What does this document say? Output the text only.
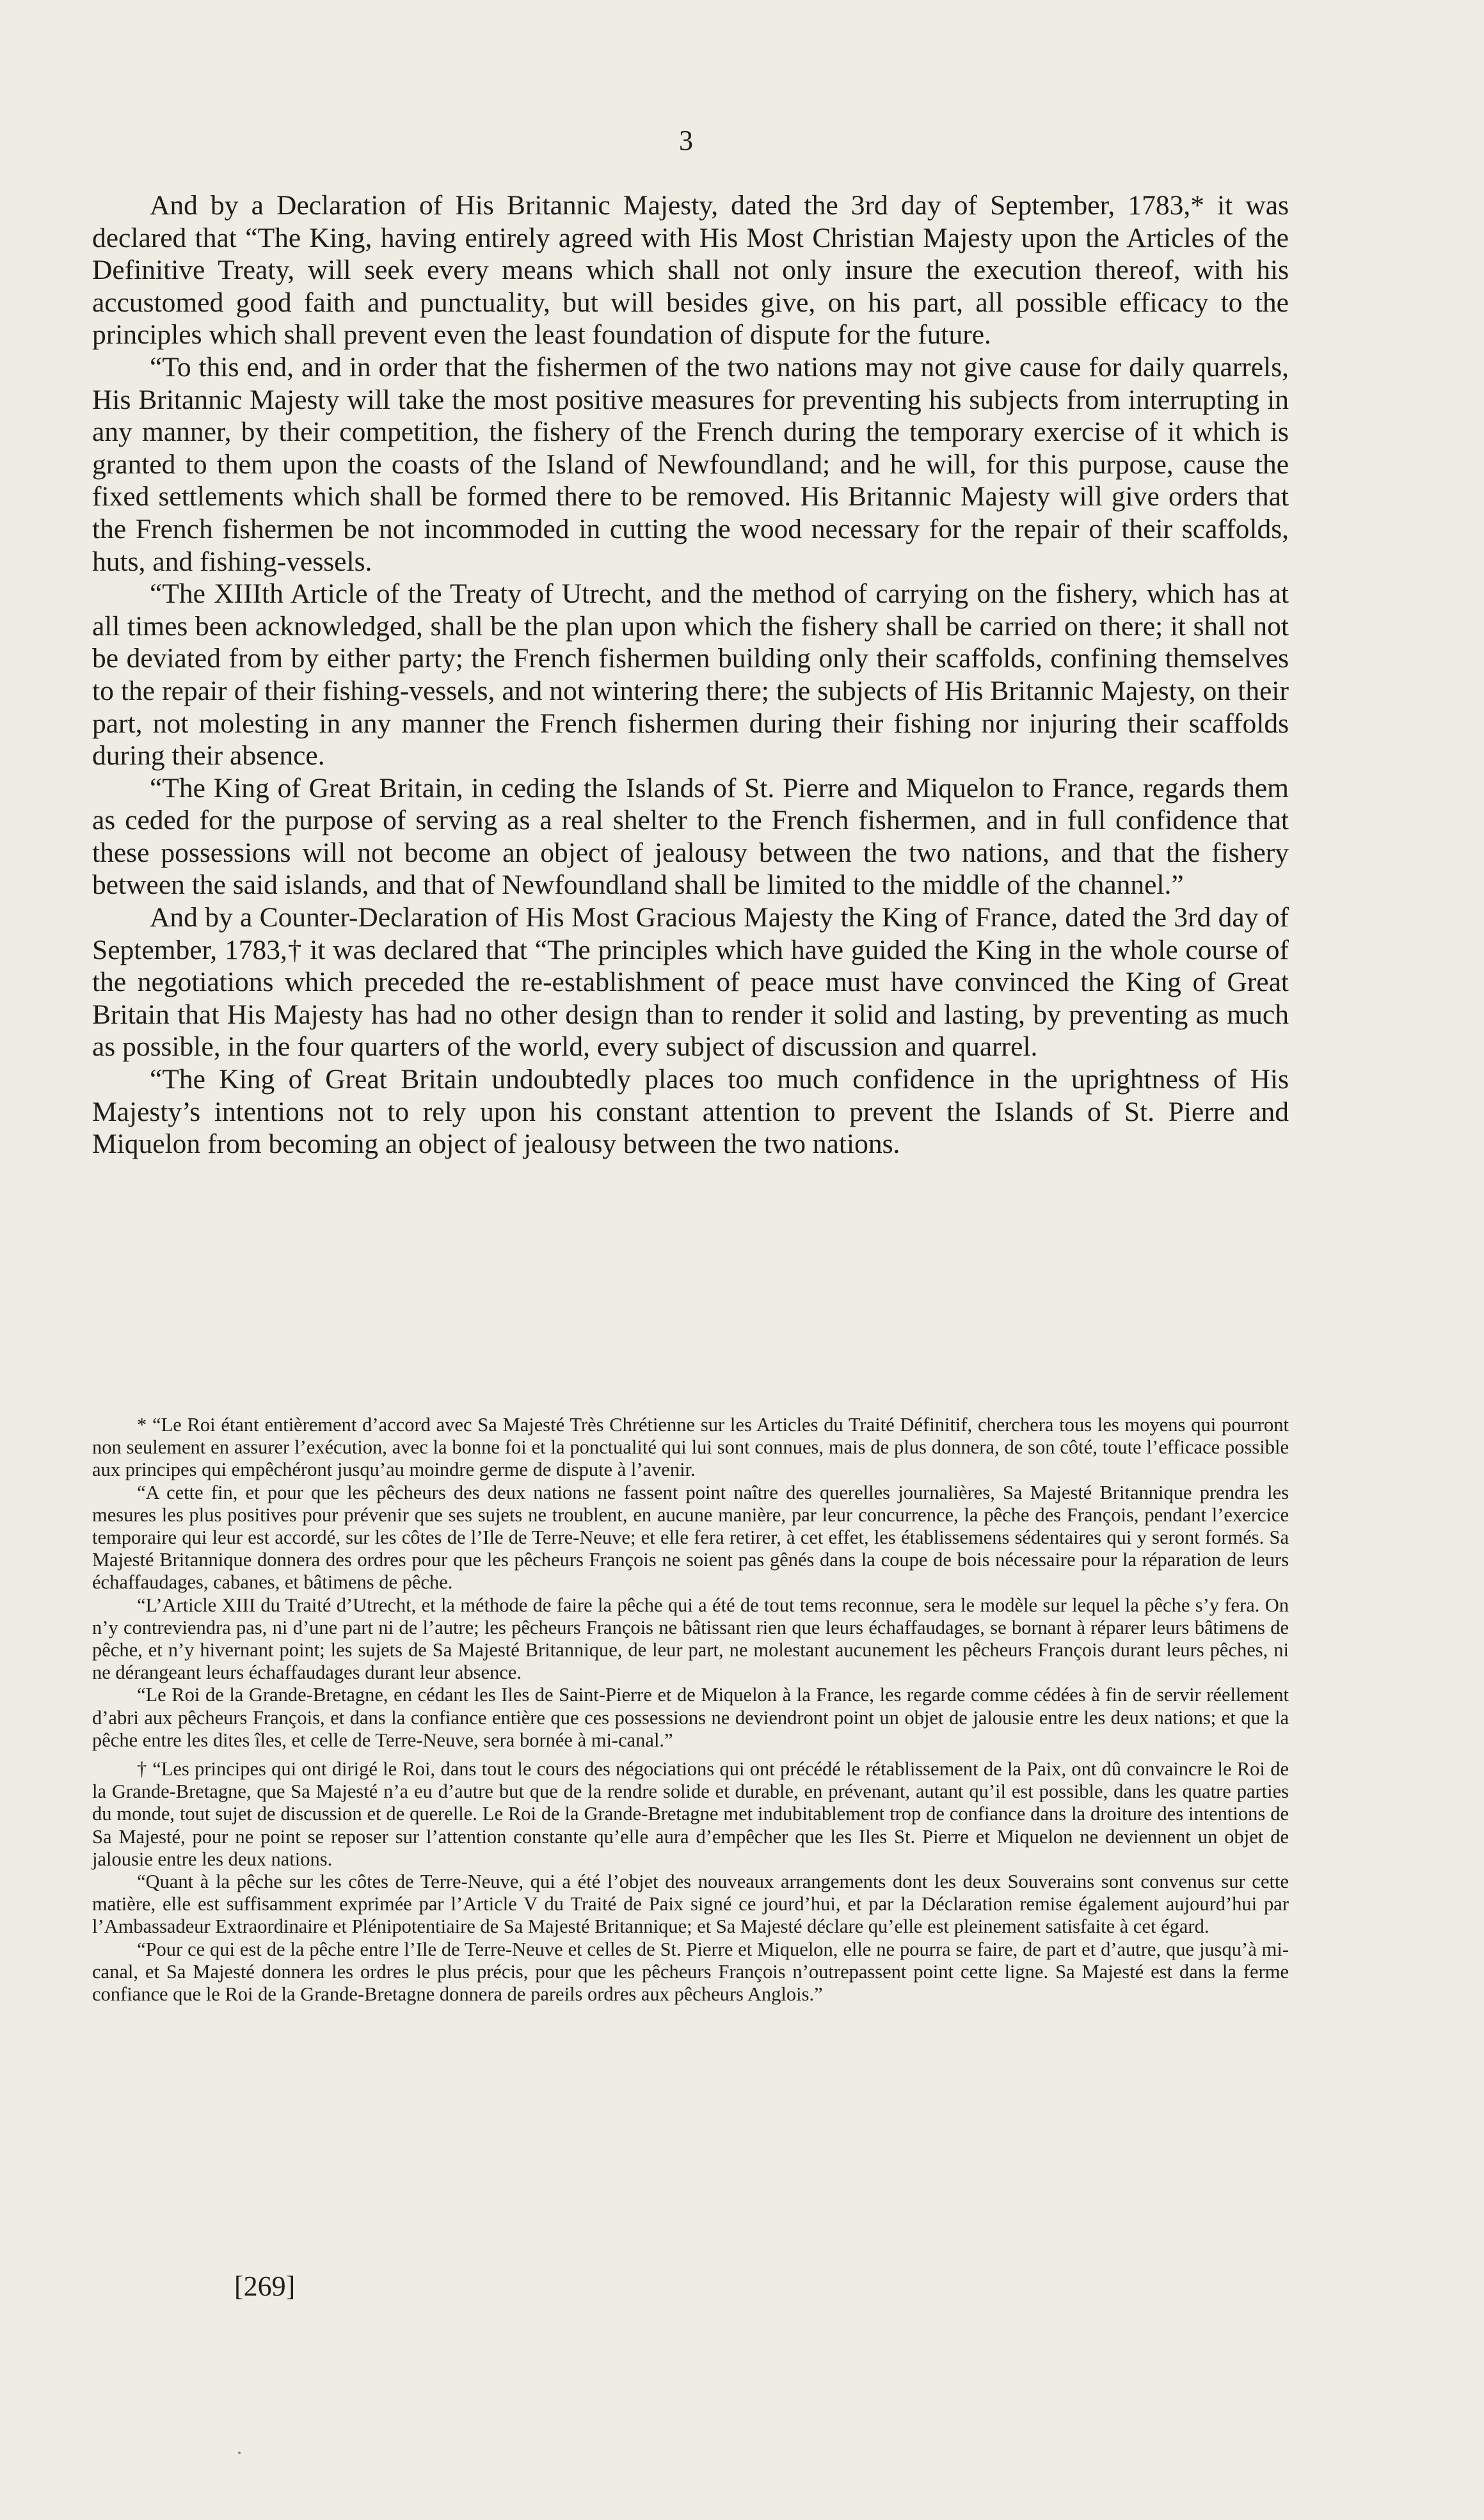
3

And by a Declaration of His Britannic Majesty, dated the 3rd day of September, 1783,* it was declared that “The King, having entirely agreed with His Most Christian Majesty upon the Articles of the Definitive Treaty, will seek every means which shall not only insure the execution thereof, with his accustomed good faith and punctuality, but will besides give, on his part, all possible efficacy to the principles which shall prevent even the least foundation of dispute for the future.

“To this end, and in order that the fishermen of the two nations may not give cause for daily quarrels, His Britannic Majesty will take the most positive measures for preventing his subjects from interrupting in any manner, by their competition, the fishery of the French during the temporary exercise of it which is granted to them upon the coasts of the Island of Newfoundland; and he will, for this purpose, cause the fixed settlements which shall be formed there to be removed. His Britannic Majesty will give orders that the French fishermen be not incommoded in cutting the wood necessary for the repair of their scaffolds, huts, and fishing-vessels.

“The XIIIth Article of the Treaty of Utrecht, and the method of carrying on the fishery, which has at all times been acknowledged, shall be the plan upon which the fishery shall be carried on there; it shall not be deviated from by either party; the French fishermen building only their scaffolds, confining themselves to the repair of their fishing-vessels, and not wintering there; the subjects of His Britannic Majesty, on their part, not molesting in any manner the French fishermen during their fishing nor injuring their scaffolds during their absence.

“The King of Great Britain, in ceding the Islands of St. Pierre and Miquelon to France, regards them as ceded for the purpose of serving as a real shelter to the French fishermen, and in full confidence that these possessions will not become an object of jealousy between the two nations, and that the fishery between the said islands, and that of Newfoundland shall be limited to the middle of the channel.”

And by a Counter-Declaration of His Most Gracious Majesty the King of France, dated the 3rd day of September, 1783,† it was declared that “The principles which have guided the King in the whole course of the negotiations which preceded the re-establishment of peace must have convinced the King of Great Britain that His Majesty has had no other design than to render it solid and lasting, by preventing as much as possible, in the four quarters of the world, every subject of discussion and quarrel.

“The King of Great Britain undoubtedly places too much confidence in the uprightness of His Majesty’s intentions not to rely upon his constant attention to prevent the Islands of St. Pierre and Miquelon from becoming an object of jealousy between the two nations.

* “Le Roi étant entièrement d’accord avec Sa Majesté Très Chrétienne sur les Articles du Traité Définitif, cherchera tous les moyens qui pourront non seulement en assurer l’exécution, avec la bonne foi et la ponctualité qui lui sont connues, mais de plus donnera, de son côté, toute l’efficace possible aux principes qui empêchéront jusqu’au moindre germe de dispute à l’avenir.

“A cette fin, et pour que les pêcheurs des deux nations ne fassent point naître des querelles journalières, Sa Majesté Britannique prendra les mesures les plus positives pour prévenir que ses sujets ne troublent, en aucune manière, par leur concurrence, la pêche des François, pendant l’exercice temporaire qui leur est accordé, sur les côtes de l’Ile de Terre-Neuve; et elle fera retirer, à cet effet, les établissemens sédentaires qui y seront formés. Sa Majesté Britannique donnera des ordres pour que les pêcheurs François ne soient pas gênés dans la coupe de bois nécessaire pour la réparation de leurs échaffaudages, cabanes, et bâtimens de pêche.

“L’Article XIII du Traité d’Utrecht, et la méthode de faire la pêche qui a été de tout tems reconnue, sera le modèle sur lequel la pêche s’y fera. On n’y contreviendra pas, ni d’une part ni de l’autre; les pêcheurs François ne bâtissant rien que leurs échaffaudages, se bornant à réparer leurs bâtimens de pêche, et n’y hivernant point; les sujets de Sa Majesté Britannique, de leur part, ne molestant aucunement les pêcheurs François durant leurs pêches, ni ne dérangeant leurs échaffaudages durant leur absence.

“Le Roi de la Grande-Bretagne, en cédant les Iles de Saint-Pierre et de Miquelon à la France, les regarde comme cédées à fin de servir réellement d’abri aux pêcheurs François, et dans la confiance entière que ces possessions ne deviendront point un objet de jalousie entre les deux nations; et que la pêche entre les dites îles, et celle de Terre-Neuve, sera bornée à mi-canal.”

† “Les principes qui ont dirigé le Roi, dans tout le cours des négociations qui ont précédé le rétablissement de la Paix, ont dû convaincre le Roi de la Grande-Bretagne, que Sa Majesté n’a eu d’autre but que de la rendre solide et durable, en prévenant, autant qu’il est possible, dans les quatre parties du monde, tout sujet de discussion et de querelle. Le Roi de la Grande-Bretagne met indubitablement trop de confiance dans la droiture des intentions de Sa Majesté, pour ne point se reposer sur l’attention constante qu’elle aura d’empêcher que les Iles St. Pierre et Miquelon ne deviennent un objet de jalousie entre les deux nations.

“Quant à la pêche sur les côtes de Terre-Neuve, qui a été l’objet des nouveaux arrangements dont les deux Souverains sont convenus sur cette matière, elle est suffisamment exprimée par l’Article V du Traité de Paix signé ce jourd’hui, et par la Déclaration remise également aujourd’hui par l’Ambassadeur Extraordinaire et Plénipotentiaire de Sa Majesté Britannique; et Sa Majesté déclare qu’elle est pleinement satisfaite à cet égard.

“Pour ce qui est de la pêche entre l’Ile de Terre-Neuve et celles de St. Pierre et Miquelon, elle ne pourra se faire, de part et d’autre, que jusqu’à mi-canal, et Sa Majesté donnera les ordres le plus précis, pour que les pêcheurs François n’outrepassent point cette ligne. Sa Majesté est dans la ferme confiance que le Roi de la Grande-Bretagne donnera de pareils ordres aux pêcheurs Anglois.”

[269]
